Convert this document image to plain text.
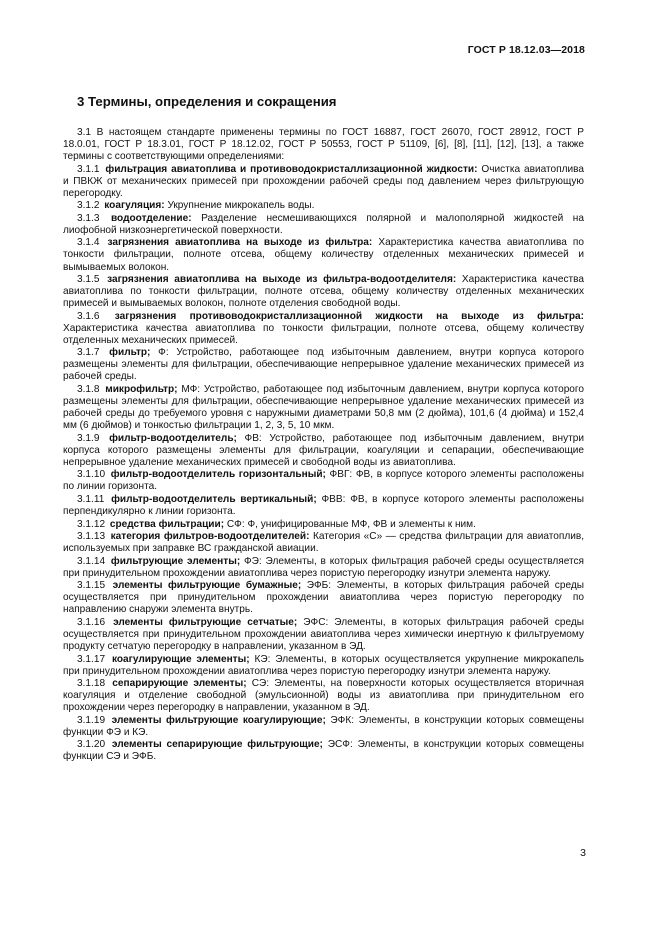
ГОСТ Р 18.12.03—2018
3 Термины, определения и сокращения

3.1 В настоящем стандарте применены термины по ГОСТ 16887, ГОСТ 26070, ГОСТ 28912, ГОСТ Р 18.0.01, ГОСТ Р 18.3.01, ГОСТ Р 18.12.02, ГОСТ Р 50553, ГОСТ Р 51109, [6], [8], [11], [12], [13], а также термины с соответствующими определениями:

3.1.1 фильтрация авиатоплива и противоводокристаллизационной жидкости: Очистка авиатоплива и ПВКЖ от механических примесей при прохождении рабочей среды под давлением через фильтрующую перегородку.

3.1.2 коагуляция: Укрупнение микрокапель воды.

3.1.3 водоотделение: Разделение несмешивающихся полярной и малополярной жидкостей на лиофобной низкоэнергетической поверхности.

3.1.4 загрязнения авиатоплива на выходе из фильтра: Характеристика качества авиатоплива по тонкости фильтрации, полноте отсева, общему количеству отделенных механических примесей и вымываемых волокон.

3.1.5 загрязнения авиатоплива на выходе из фильтра-водоотделителя: Характеристика качества авиатоплива по тонкости фильтрации, полноте отсева, общему количеству отделенных механических примесей и вымываемых волокон, полноте отделения свободной воды.

3.1.6 загрязнения противоводокристаллизационной жидкости на выходе из фильтра: Характеристика качества авиатоплива по тонкости фильтрации, полноте отсева, общему количеству отделенных механических примесей.

3.1.7 фильтр; Ф: Устройство, работающее под избыточным давлением, внутри корпуса которого размещены элементы для фильтрации, обеспечивающие непрерывное удаление механических примесей из рабочей среды.

3.1.8 микрофильтр; МФ: Устройство, работающее под избыточным давлением, внутри корпуса которого размещены элементы для фильтрации, обеспечивающие непрерывное удаление механических примесей из рабочей среды до требуемого уровня с наружными диаметрами 50,8 мм (2 дюйма), 101,6 (4 дюйма) и 152,4 мм (6 дюймов) и тонкостью фильтрации 1, 2, 3, 5, 10 мкм.

3.1.9 фильтр-водоотделитель; ФВ: Устройство, работающее под избыточным давлением, внутри корпуса которого размещены элементы для фильтрации, коагуляции и сепарации, обеспечивающие непрерывное удаление механических примесей и свободной воды из авиатоплива.

3.1.10 фильтр-водоотделитель горизонтальный; ФВГ: ФВ, в корпусе которого элементы расположены по линии горизонта.

3.1.11 фильтр-водоотделитель вертикальный; ФВВ: ФВ, в корпусе которого элементы расположены перпендикулярно к линии горизонта.

3.1.12 средства фильтрации; СФ: Ф, унифицированные МФ, ФВ и элементы к ним.

3.1.13 категория фильтров-водоотделителей: Категория «С» — средства фильтрации для авиатоплив, используемых при заправке ВС гражданской авиации.

3.1.14 фильтрующие элементы; ФЭ: Элементы, в которых фильтрация рабочей среды осуществляется при принудительном прохождении авиатоплива через пористую перегородку изнутри элемента наружу.

3.1.15 элементы фильтрующие бумажные; ЭФБ: Элементы, в которых фильтрация рабочей среды осуществляется при принудительном прохождении авиатоплива через пористую перегородку по направлению снаружи элемента внутрь.

3.1.16 элементы фильтрующие сетчатые; ЭФС: Элементы, в которых фильтрация рабочей среды осуществляется при принудительном прохождении авиатоплива через химически инертную к фильтруемому продукту сетчатую перегородку в направлении, указанном в ЭД.

3.1.17 коагулирующие элементы; КЭ: Элементы, в которых осуществляется укрупнение микрокапель при принудительном прохождении авиатоплива через пористую перегородку изнутри элемента наружу.

3.1.18 сепарирующие элементы; СЭ: Элементы, на поверхности которых осуществляется вторичная коагуляция и отделение свободной (эмульсионной) воды из авиатоплива при принудительном его прохождении через перегородку в направлении, указанном в ЭД.

3.1.19 элементы фильтрующие коагулирующие; ЭФК: Элементы, в конструкции которых совмещены функции ФЭ и КЭ.

3.1.20 элементы сепарирующие фильтрующие; ЭСФ: Элементы, в конструкции которых совмещены функции СЭ и ЭФБ.

3
